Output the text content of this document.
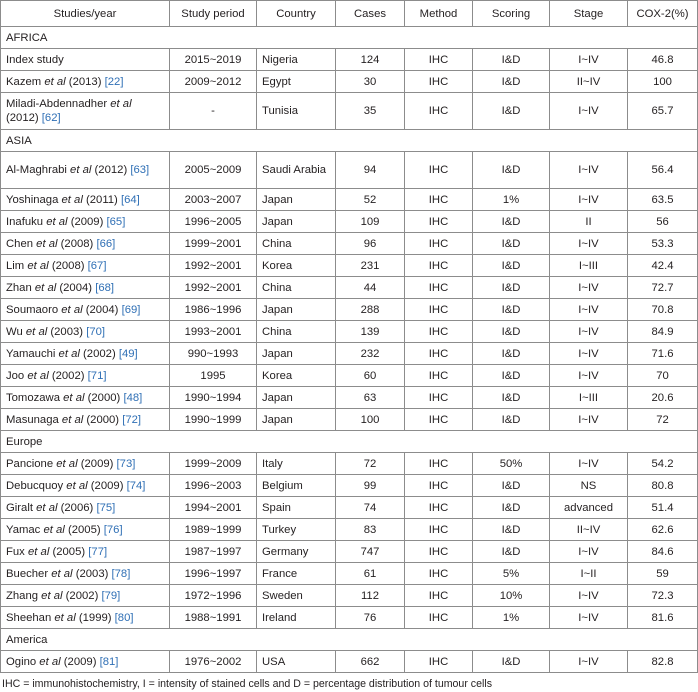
Studies/year	Study period	Country	Cases	Method	Scoring	Stage	COX-2(%)
AFRICA							
Index study	2015~2019	Nigeria	124	IHC	I&D	I~IV	46.8
Kazem et al (2013) [22]	2009~2012	Egypt	30	IHC	I&D	II~IV	100
Miladi-Abdennadher et al (2012) [62]	-	Tunisia	35	IHC	I&D	I~IV	65.7
ASIA							
Al-Maghrabi et al (2012) [63]	2005~2009	Saudi Arabia	94	IHC	I&D	I~IV	56.4
Yoshinaga et al (2011) [64]	2003~2007	Japan	52	IHC	1%	I~IV	63.5
Inafuku et al (2009) [65]	1996~2005	Japan	109	IHC	I&D	II	56
Chen et al (2008) [66]	1999~2001	China	96	IHC	I&D	I~IV	53.3
Lim et al (2008) [67]	1992~2001	Korea	231	IHC	I&D	I~III	42.4
Zhan et al (2004) [68]	1992~2001	China	44	IHC	I&D	I~IV	72.7
Soumaoro et al (2004) [69]	1986~1996	Japan	288	IHC	I&D	I~IV	70.8
Wu et al (2003) [70]	1993~2001	China	139	IHC	I&D	I~IV	84.9
Yamauchi et al (2002) [49]	990~1993	Japan	232	IHC	I&D	I~IV	71.6
Joo et al (2002) [71]	1995	Korea	60	IHC	I&D	I~IV	70
Tomozawa et al (2000) [48]	1990~1994	Japan	63	IHC	I&D	I~III	20.6
Masunaga et al (2000) [72]	1990~1999	Japan	100	IHC	I&D	I~IV	72
Europe							
Pancione et al (2009) [73]	1999~2009	Italy	72	IHC	50%	I~IV	54.2
Debucquoy et al (2009) [74]	1996~2003	Belgium	99	IHC	I&D	NS	80.8
Giralt et al (2006) [75]	1994~2001	Spain	74	IHC	I&D	advanced	51.4
Yamac et al (2005) [76]	1989~1999	Turkey	83	IHC	I&D	II~IV	62.6
Fux et al (2005) [77]	1987~1997	Germany	747	IHC	I&D	I~IV	84.6
Buecher et al (2003) [78]	1996~1997	France	61	IHC	5%	I~II	59
Zhang et al (2002) [79]	1972~1996	Sweden	112	IHC	10%	I~IV	72.3
Sheehan et al (1999) [80]	1988~1991	Ireland	76	IHC	1%	I~IV	81.6
America							
Ogino et al (2009) [81]	1976~2002	USA	662	IHC	I&D	I~IV	82.8
IHC = immunohistochemistry, I = intensity of stained cells and D = percentage distribution of tumour cells
